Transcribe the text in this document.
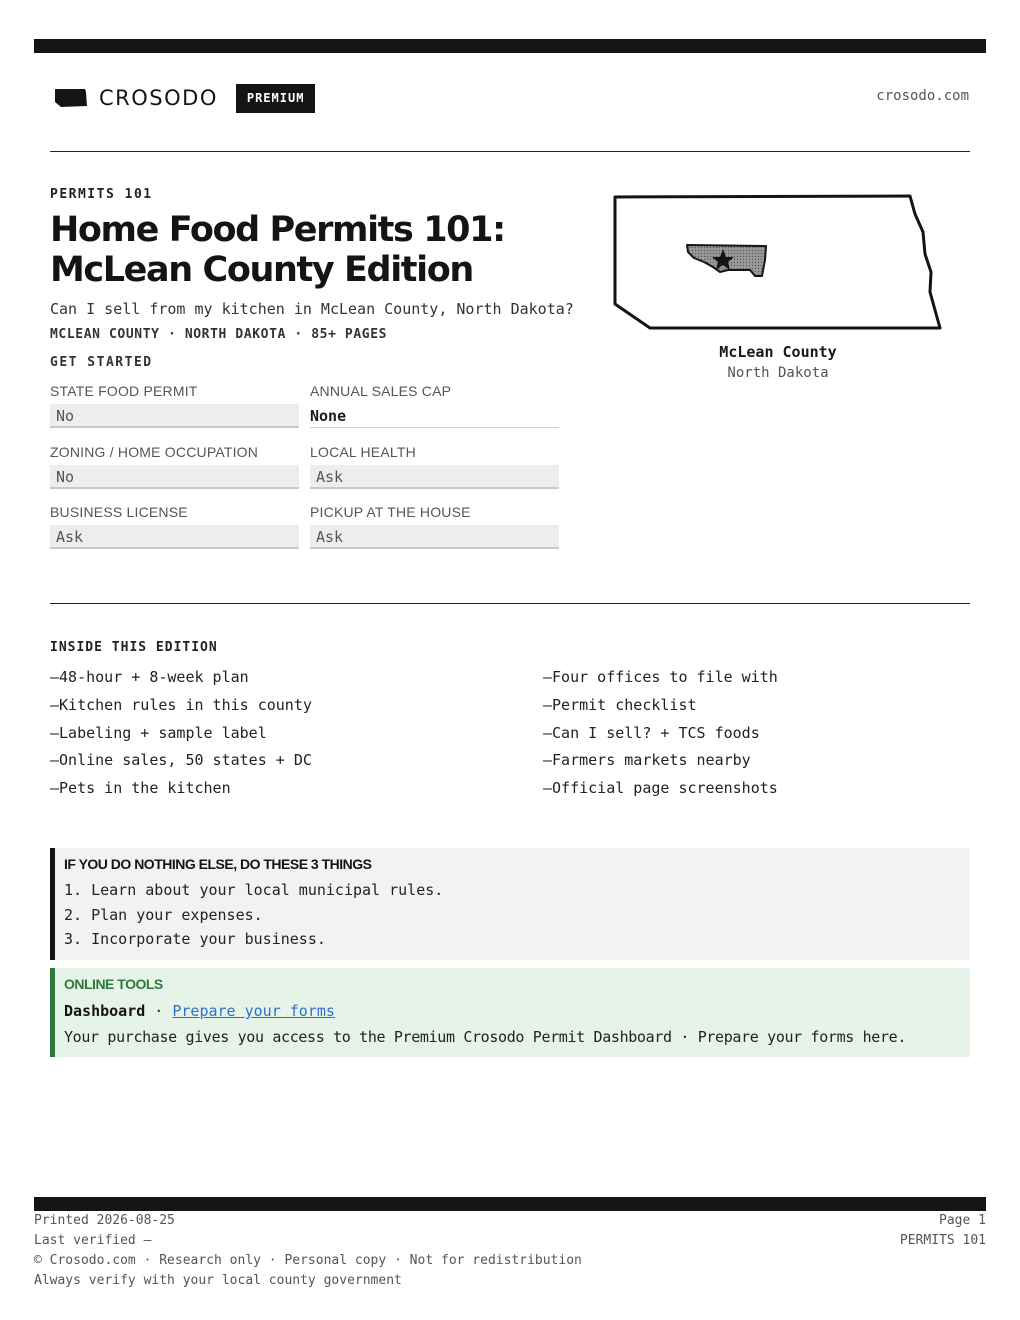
CROSODO	PREMIUM	crosodo.com
PERMITS 101
Home Food Permits 101: McLean County Edition
Can I sell from my kitchen in McLean County, North Dakota?
MCLEAN COUNTY · NORTH DAKOTA · 85+ PAGES
GET STARTED
STATE FOOD PERMIT
No
ANNUAL SALES CAP
None
ZONING / HOME OCCUPATION
No
LOCAL HEALTH
Ask
BUSINESS LICENSE
Ask
PICKUP AT THE HOUSE
Ask
McLean County
North Dakota
INSIDE THIS EDITION
—48-hour + 8-week plan
—Kitchen rules in this county
—Labeling + sample label
—Online sales, 50 states + DC
—Pets in the kitchen
—Four offices to file with
—Permit checklist
—Can I sell? + TCS foods
—Farmers markets nearby
—Official page screenshots
IF YOU DO NOTHING ELSE, DO THESE 3 THINGS
1. Learn about your local municipal rules.
2. Plan your expenses.
3. Incorporate your business.
ONLINE TOOLS
Dashboard · Prepare your forms
Your purchase gives you access to the Premium Crosodo Permit Dashboard · Prepare your forms here.
Printed 2026-08-25
Last verified —
© Crosodo.com · Research only · Personal copy · Not for redistribution
Always verify with your local county government
Page 1
PERMITS 101
